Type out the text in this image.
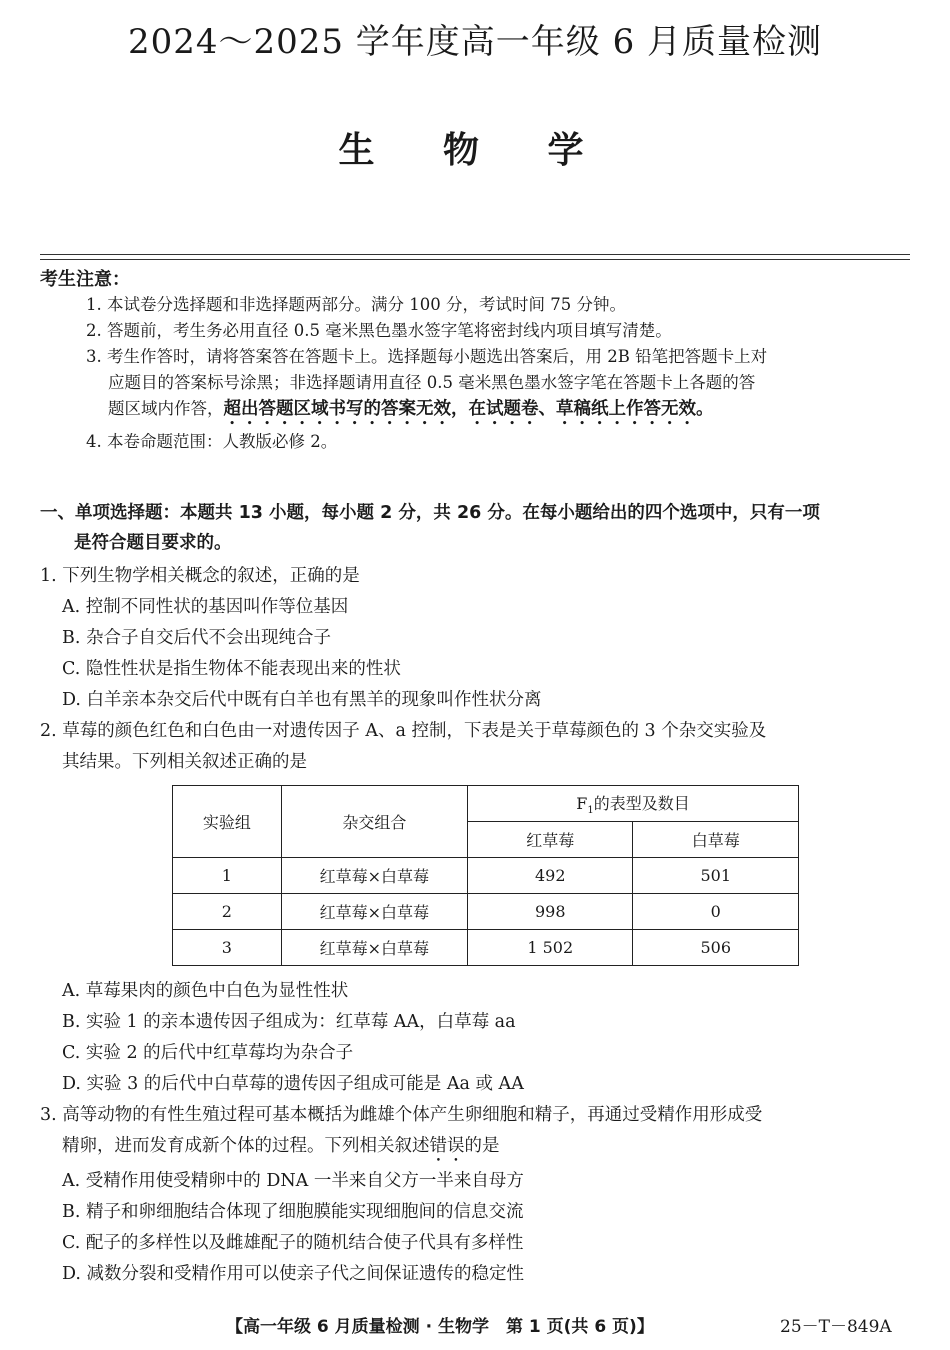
2024～2025 学年度高一年级 6 月质量检测
生 物 学
考生注意：

1. 本试卷分选择题和非选择题两部分。满分 100 分，考试时间 75 分钟。

2. 答题前，考生务必用直径 0.5 毫米黑色墨水签字笔将密封线内项目填写清楚。

3. 考生作答时，请将答案答在答题卡上。选择题每小题选出答案后，用 2B 铅笔把答题卡上对

应题目的答案标号涂黑；非选择题请用直径 0.5 毫米黑色墨水签字笔在答题卡上各题的答

题区域内作答，超出答题区域书写的答案无效，在试题卷、草稿纸上作答无效。

4. 本卷命题范围：人教版必修 2。

一、单项选择题：本题共 13 小题，每小题 2 分，共 26 分。在每小题给出的四个选项中，只有一项
是符合题目要求的。

1. 下列生物学相关概念的叙述，正确的是

A. 控制不同性状的基因叫作等位基因

B. 杂合子自交后代不会出现纯合子

C. 隐性性状是指生物体不能表现出来的性状

D. 白羊亲本杂交后代中既有白羊也有黑羊的现象叫作性状分离

2. 草莓的颜色红色和白色由一对遗传因子 A、a 控制，下表是关于草莓颜色的 3 个杂交实验及

其结果。下列相关叙述正确的是

实验组	杂交组合	$F_1$的表型及数目	
		红草莓	白草莓
1	红草莓×白草莓	492	501
2	红草莓×白草莓	998	0
3	红草莓×白草莓	1 502	506

A. 草莓果肉的颜色中白色为显性性状

B. 实验 1 的亲本遗传因子组成为：红草莓 AA，白草莓 aa

C. 实验 2 的后代中红草莓均为杂合子

D. 实验 3 的后代中白草莓的遗传因子组成可能是 Aa 或 AA

3. 高等动物的有性生殖过程可基本概括为雌雄个体产生卵细胞和精子，再通过受精作用形成受

精卵，进而发育成新个体的过程。下列相关叙述错误的是

A. 受精作用使受精卵中的 DNA 一半来自父方一半来自母方

B. 精子和卵细胞结合体现了细胞膜能实现细胞间的信息交流

C. 配子的多样性以及雌雄配子的随机结合使子代具有多样性

D. 减数分裂和受精作用可以使亲子代之间保证遗传的稳定性

【高一年级 6 月质量检测 · 生物学　第 1 页(共 6 页)】	25－T－849A
